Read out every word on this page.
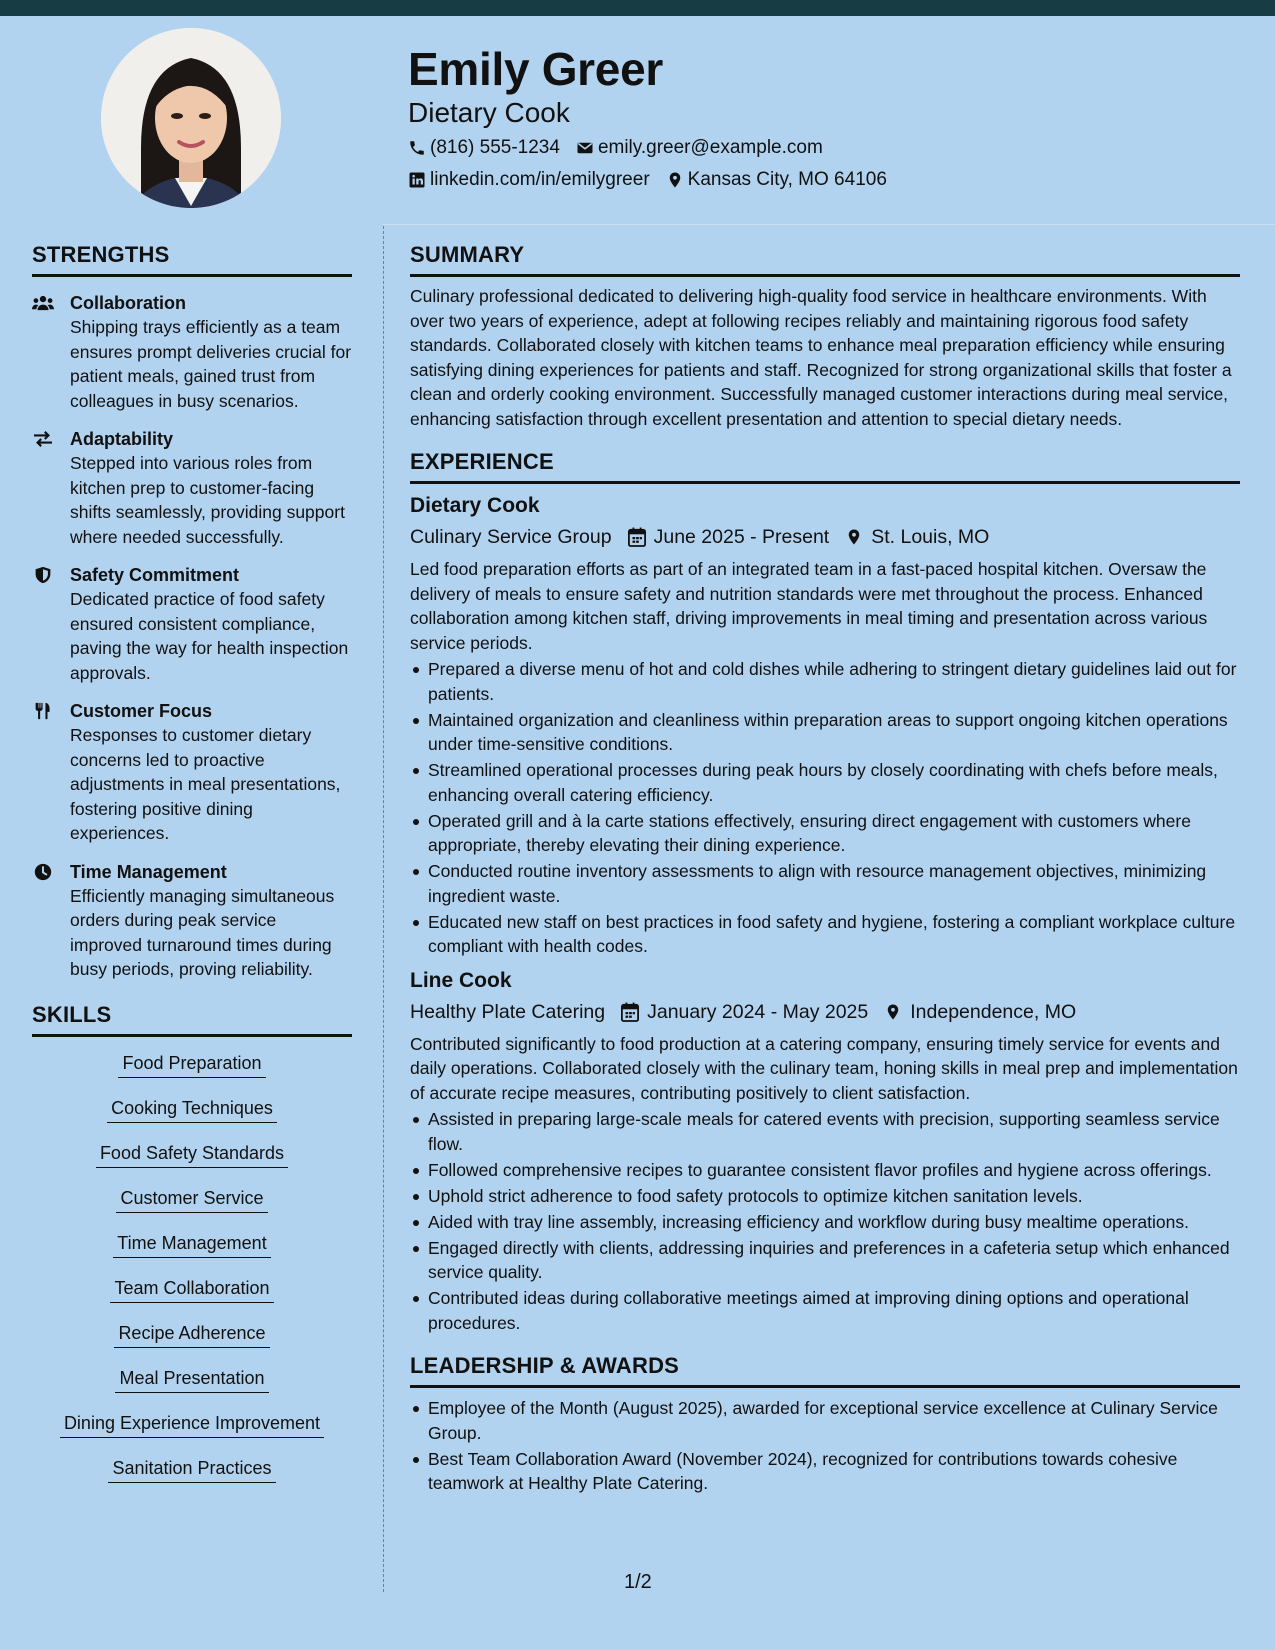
Emily Greer
Dietary Cook
(816) 555-1234 emily.greer@example.com
linkedin.com/in/emilygreer Kansas City, MO 64106
STRENGTHS
Collaboration
Shipping trays efficiently as a team ensures prompt deliveries crucial for patient meals, gained trust from colleagues in busy scenarios.
Adaptability
Stepped into various roles from kitchen prep to customer-facing shifts seamlessly, providing support where needed successfully.
Safety Commitment
Dedicated practice of food safety ensured consistent compliance, paving the way for health inspection approvals.
Customer Focus
Responses to customer dietary concerns led to proactive adjustments in meal presentations, fostering positive dining experiences.
Time Management
Efficiently managing simultaneous orders during peak service improved turnaround times during busy periods, proving reliability.
SKILLS
Food Preparation
Cooking Techniques
Food Safety Standards
Customer Service
Time Management
Team Collaboration
Recipe Adherence
Meal Presentation
Dining Experience Improvement
Sanitation Practices
SUMMARY
Culinary professional dedicated to delivering high-quality food service in healthcare environments. With over two years of experience, adept at following recipes reliably and maintaining rigorous food safety standards. Collaborated closely with kitchen teams to enhance meal preparation efficiency while ensuring satisfying dining experiences for patients and staff. Recognized for strong organizational skills that foster a clean and orderly cooking environment. Successfully managed customer interactions during meal service, enhancing satisfaction through excellent presentation and attention to special dietary needs.
EXPERIENCE
Dietary Cook
Culinary Service Group June 2025 - Present St. Louis, MO
Led food preparation efforts as part of an integrated team in a fast-paced hospital kitchen. Oversaw the delivery of meals to ensure safety and nutrition standards were met throughout the process. Enhanced collaboration among kitchen staff, driving improvements in meal timing and presentation across various service periods.
Prepared a diverse menu of hot and cold dishes while adhering to stringent dietary guidelines laid out for patients.
Maintained organization and cleanliness within preparation areas to support ongoing kitchen operations under time-sensitive conditions.
Streamlined operational processes during peak hours by closely coordinating with chefs before meals, enhancing overall catering efficiency.
Operated grill and à la carte stations effectively, ensuring direct engagement with customers where appropriate, thereby elevating their dining experience.
Conducted routine inventory assessments to align with resource management objectives, minimizing ingredient waste.
Educated new staff on best practices in food safety and hygiene, fostering a compliant workplace culture compliant with health codes.
Line Cook
Healthy Plate Catering January 2024 - May 2025 Independence, MO
Contributed significantly to food production at a catering company, ensuring timely service for events and daily operations. Collaborated closely with the culinary team, honing skills in meal prep and implementation of accurate recipe measures, contributing positively to client satisfaction.
Assisted in preparing large-scale meals for catered events with precision, supporting seamless service flow.
Followed comprehensive recipes to guarantee consistent flavor profiles and hygiene across offerings.
Uphold strict adherence to food safety protocols to optimize kitchen sanitation levels.
Aided with tray line assembly, increasing efficiency and workflow during busy mealtime operations.
Engaged directly with clients, addressing inquiries and preferences in a cafeteria setup which enhanced service quality.
Contributed ideas during collaborative meetings aimed at improving dining options and operational procedures.
LEADERSHIP & AWARDS
Employee of the Month (August 2025), awarded for exceptional service excellence at Culinary Service Group.
Best Team Collaboration Award (November 2024), recognized for contributions towards cohesive teamwork at Healthy Plate Catering.
1/2
